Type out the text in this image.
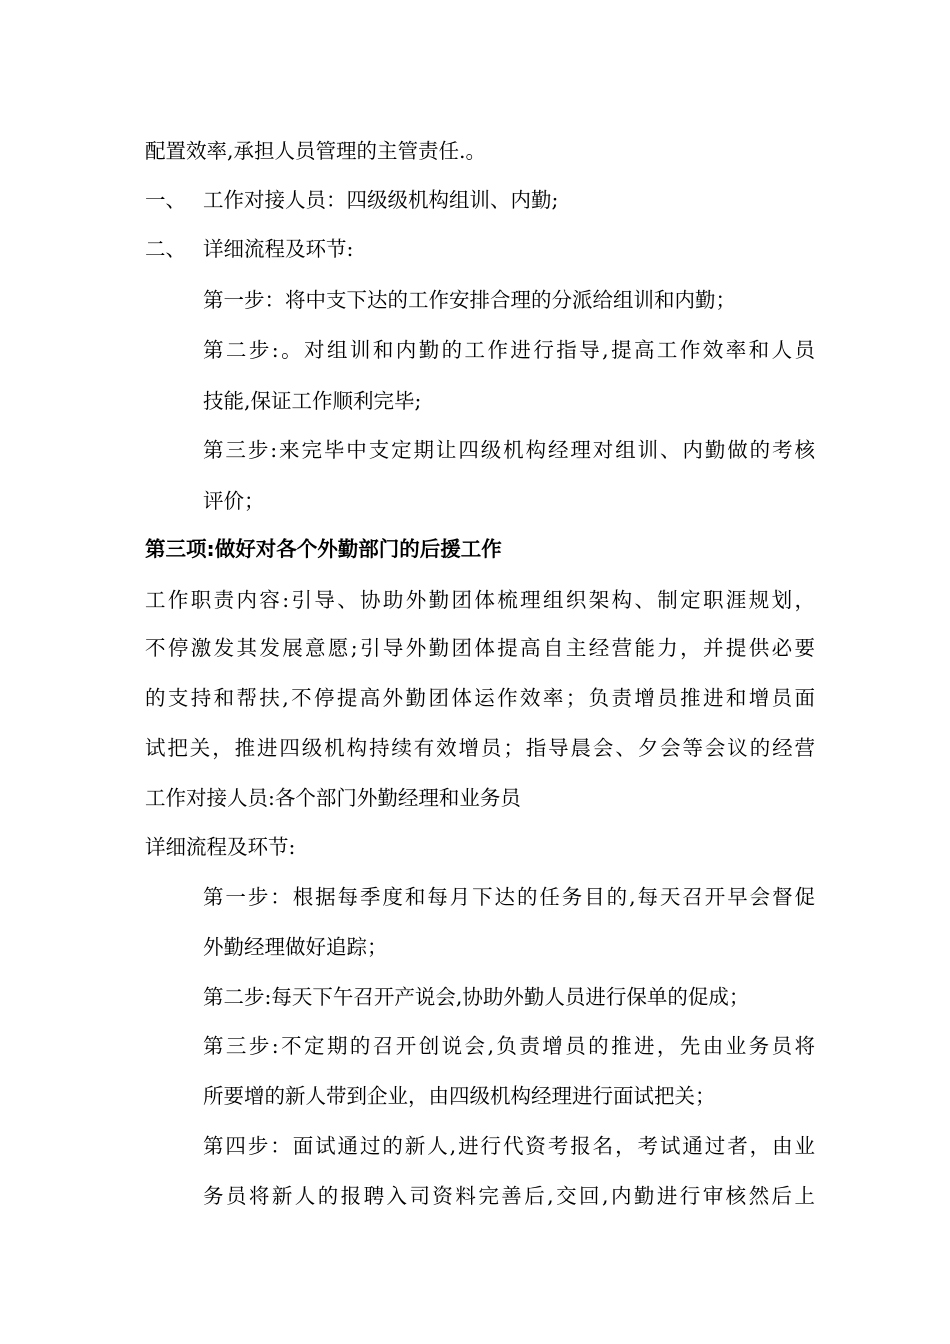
配置效率,承担人员管理的主管责任.。
一、 工作对接人员：四级级机构组训、内勤;
二、 详细流程及环节:
第一步：将中支下达的工作安排合理的分派给组训和内勤；
第二步:。对组训和内勤的工作进行指导,提高工作效率和人员
技能,保证工作顺利完毕;
第三步:来完毕中支定期让四级机构经理对组训、内勤做的考核
评价；
第三项:做好对各个外勤部门的后援工作
工作职责内容:引导、协助外勤团体梳理组织架构、制定职涯规划，
不停激发其发展意愿;引导外勤团体提高自主经营能力，并提供必要
的支持和帮扶,不停提高外勤团体运作效率；负责增员推进和增员面
试把关，推进四级机构持续有效增员；指导晨会、夕会等会议的经营
工作对接人员:各个部门外勤经理和业务员
详细流程及环节:
第一步：根据每季度和每月下达的任务目的,每天召开早会督促
外勤经理做好追踪；
第二步:每天下午召开产说会,协助外勤人员进行保单的促成；
第三步:不定期的召开创说会,负责增员的推进，先由业务员将
所要增的新人带到企业，由四级机构经理进行面试把关；
第四步：面试通过的新人,进行代资考报名，考试通过者，由业
务员将新人的报聘入司资料完善后,交回,内勤进行审核然后上
